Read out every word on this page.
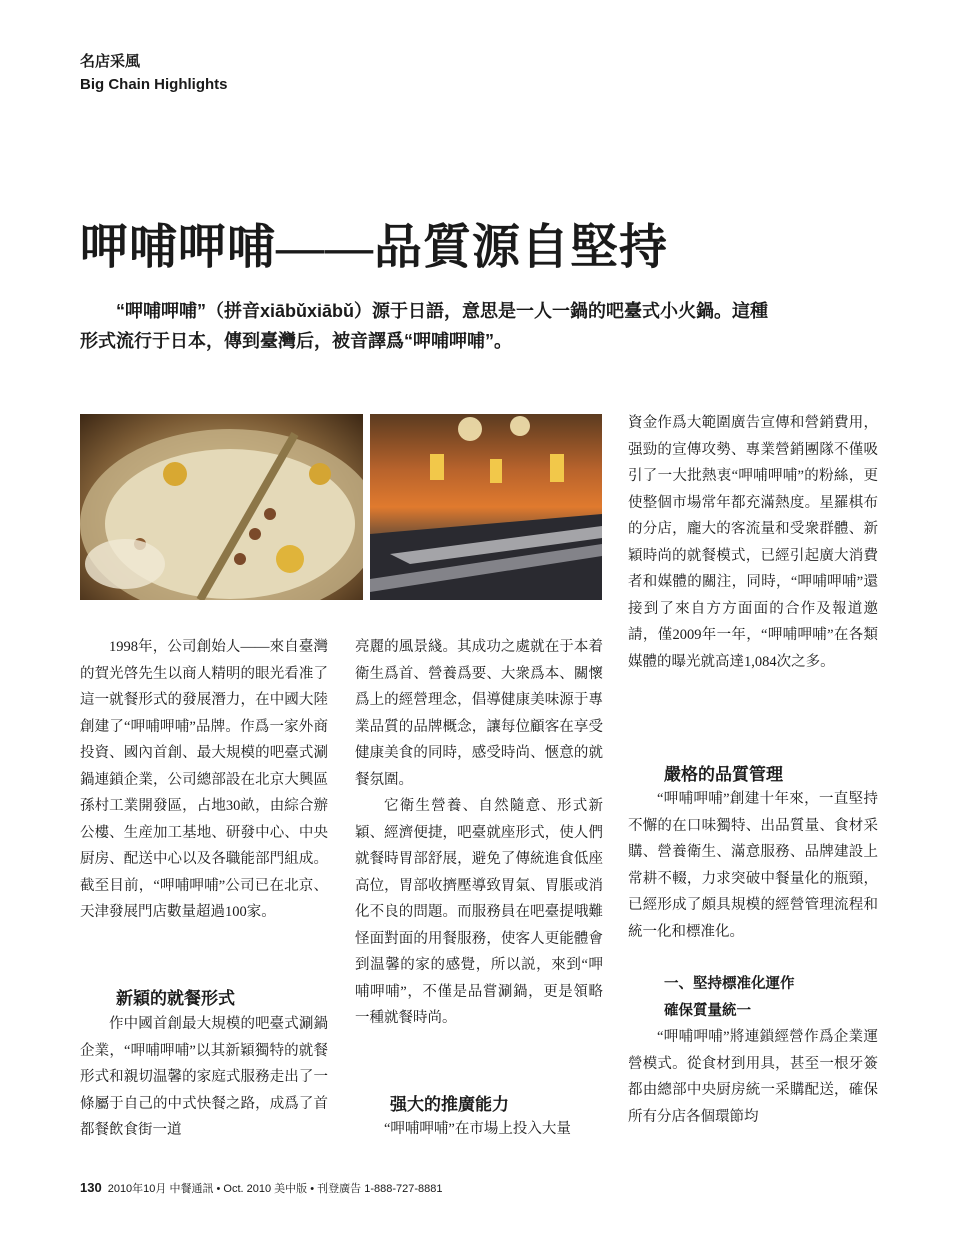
名店采風
Big Chain Highlights
呷哺呷哺——品質源自堅持
“呷哺呷哺”（拼音xiābǔxiābǔ）源于日語，意思是一人一鍋的吧臺式小火鍋。這種形式流行于日本，傳到臺灣后，被音譯爲“呷哺呷哺”。

1998年，公司創始人——來自臺灣的賀光啓先生以商人精明的眼光看准了這一就餐形式的發展潛力，在中國大陸創建了“呷哺呷哺”品牌。作爲一家外商投資、國內首創、最大規模的吧臺式涮鍋連鎖企業，公司總部設在北京大興區孫村工業開發區，占地30畝，由綜合辦公樓、生産加工基地、研發中心、中央厨房、配送中心以及各職能部門組成。截至目前，“呷哺呷哺”公司已在北京、天津發展門店數量超過100家。

新穎的就餐形式

作中國首創最大規模的吧臺式涮鍋企業，“呷哺呷哺”以其新穎獨特的就餐形式和親切温馨的家庭式服務走出了一條屬于自己的中式快餐之路，成爲了首都餐飲食街一道

亮麗的風景綫。其成功之處就在于本着衛生爲首、營養爲要、大衆爲本、關懷爲上的經營理念，倡導健康美味源于專業品質的品牌概念，讓每位顧客在享受健康美食的同時，感受時尚、愜意的就餐氛圍。

它衛生營養、自然隨意、形式新穎、經濟便捷，吧臺就座形式，使人們就餐時胃部舒展，避免了傳統進食低座高位，胃部收擠壓導致胃氣、胃脹或消化不良的問題。而服務員在吧臺提哦難怪面對面的用餐服務，使客人更能體會到温馨的家的感覺，所以説，來到“呷哺呷哺”，不僅是品嘗涮鍋，更是領略一種就餐時尚。

强大的推廣能力

“呷哺呷哺”在市場上投入大量

資金作爲大範圍廣告宣傳和營銷費用，强勁的宣傳攻勢、專業營銷團隊不僅吸引了一大批熱衷“呷哺呷哺”的粉絲，更使整個市場常年都充滿熱度。星羅棋布的分店，龐大的客流量和受衆群體、新穎時尚的就餐模式，已經引起廣大消費者和媒體的關注，同時，“呷哺呷哺”還接到了來自方方面面的合作及報道邀請，僅2009年一年，“呷哺呷哺”在各類媒體的曝光就高達1,084次之多。

嚴格的品質管理

“呷哺呷哺”創建十年來，一直堅持不懈的在口味獨特、出品質量、食材采購、營養衛生、滿意服務、品牌建設上常耕不輟，力求突破中餐量化的瓶頸，已經形成了頗具規模的經營管理流程和統一化和標准化。

一、堅持標准化運作
確保質量統一

“呷哺呷哺”將連鎖經營作爲企業運營模式。從食材到用具，甚至一根牙簽都由總部中央厨房統一采購配送，確保所有分店各個環節均

130 2010年10月 中餐通訊 • Oct. 2010 美中版 • 刊登廣告 1-888-727-8881
